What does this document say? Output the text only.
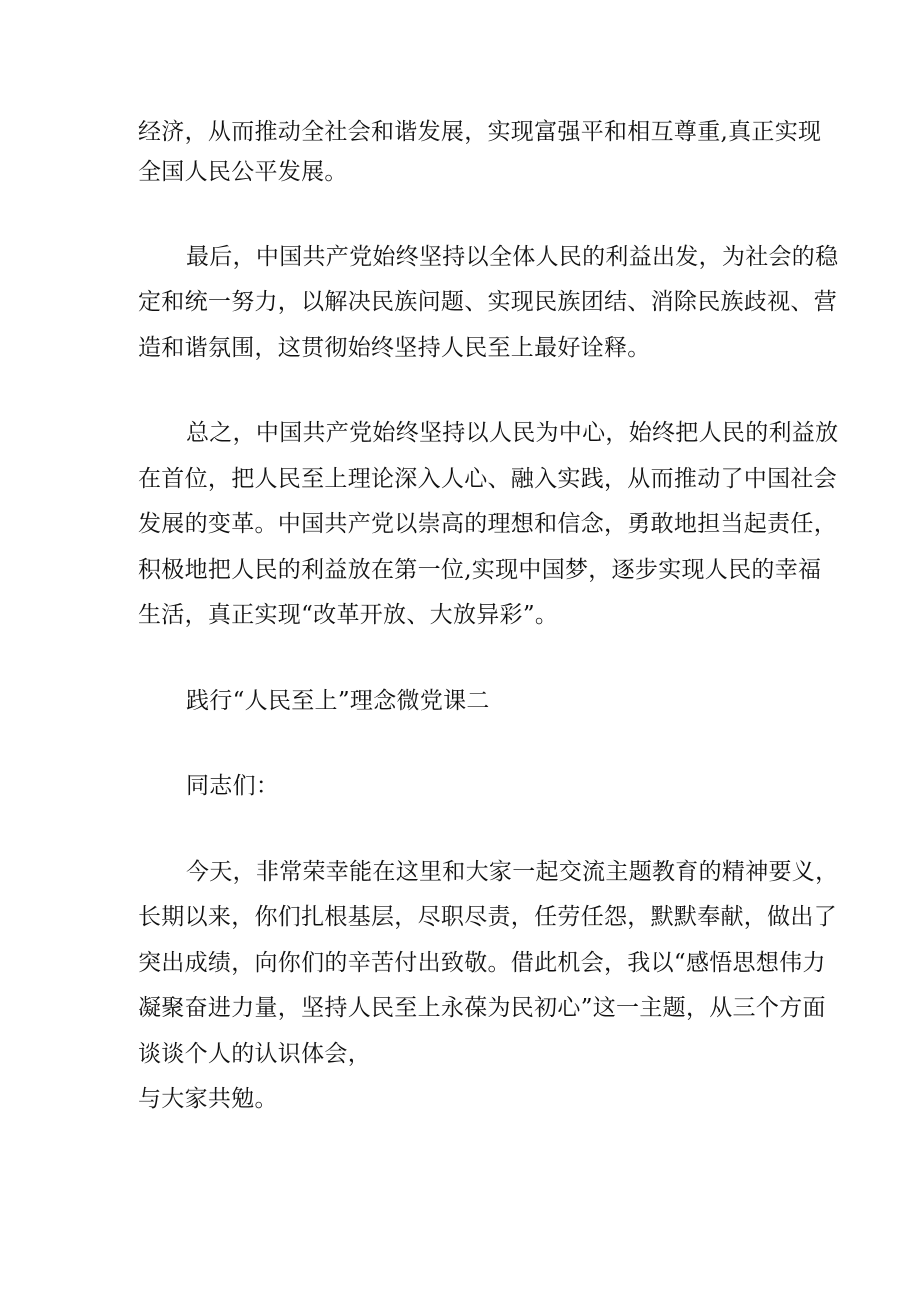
经济，从而推动全社会和谐发展，实现富强平和相互尊重,真正实现
全国人民公平发展。
最后，中国共产党始终坚持以全体人民的利益出发，为社会的稳
定和统一努力，以解决民族问题、实现民族团结、消除民族歧视、营
造和谐氛围，这贯彻始终坚持人民至上最好诠释。
总之，中国共产党始终坚持以人民为中心，始终把人民的利益放
在首位，把人民至上理论深入人心、融入实践，从而推动了中国社会
发展的变革。中国共产党以崇高的理想和信念，勇敢地担当起责任，
积极地把人民的利益放在第一位,实现中国梦，逐步实现人民的幸福
生活，真正实现“改革开放、大放异彩”。
践行“人民至上”理念微党课二
同志们：
今天，非常荣幸能在这里和大家一起交流主题教育的精神要义，
长期以来，你们扎根基层，尽职尽责，任劳任怨，默默奉献，做出了
突出成绩，向你们的辛苦付出致敬。借此机会，我以“感悟思想伟力
凝聚奋进力量，坚持人民至上永葆为民初心”这一主题，从三个方面
谈谈个人的认识体会，
与大家共勉。
